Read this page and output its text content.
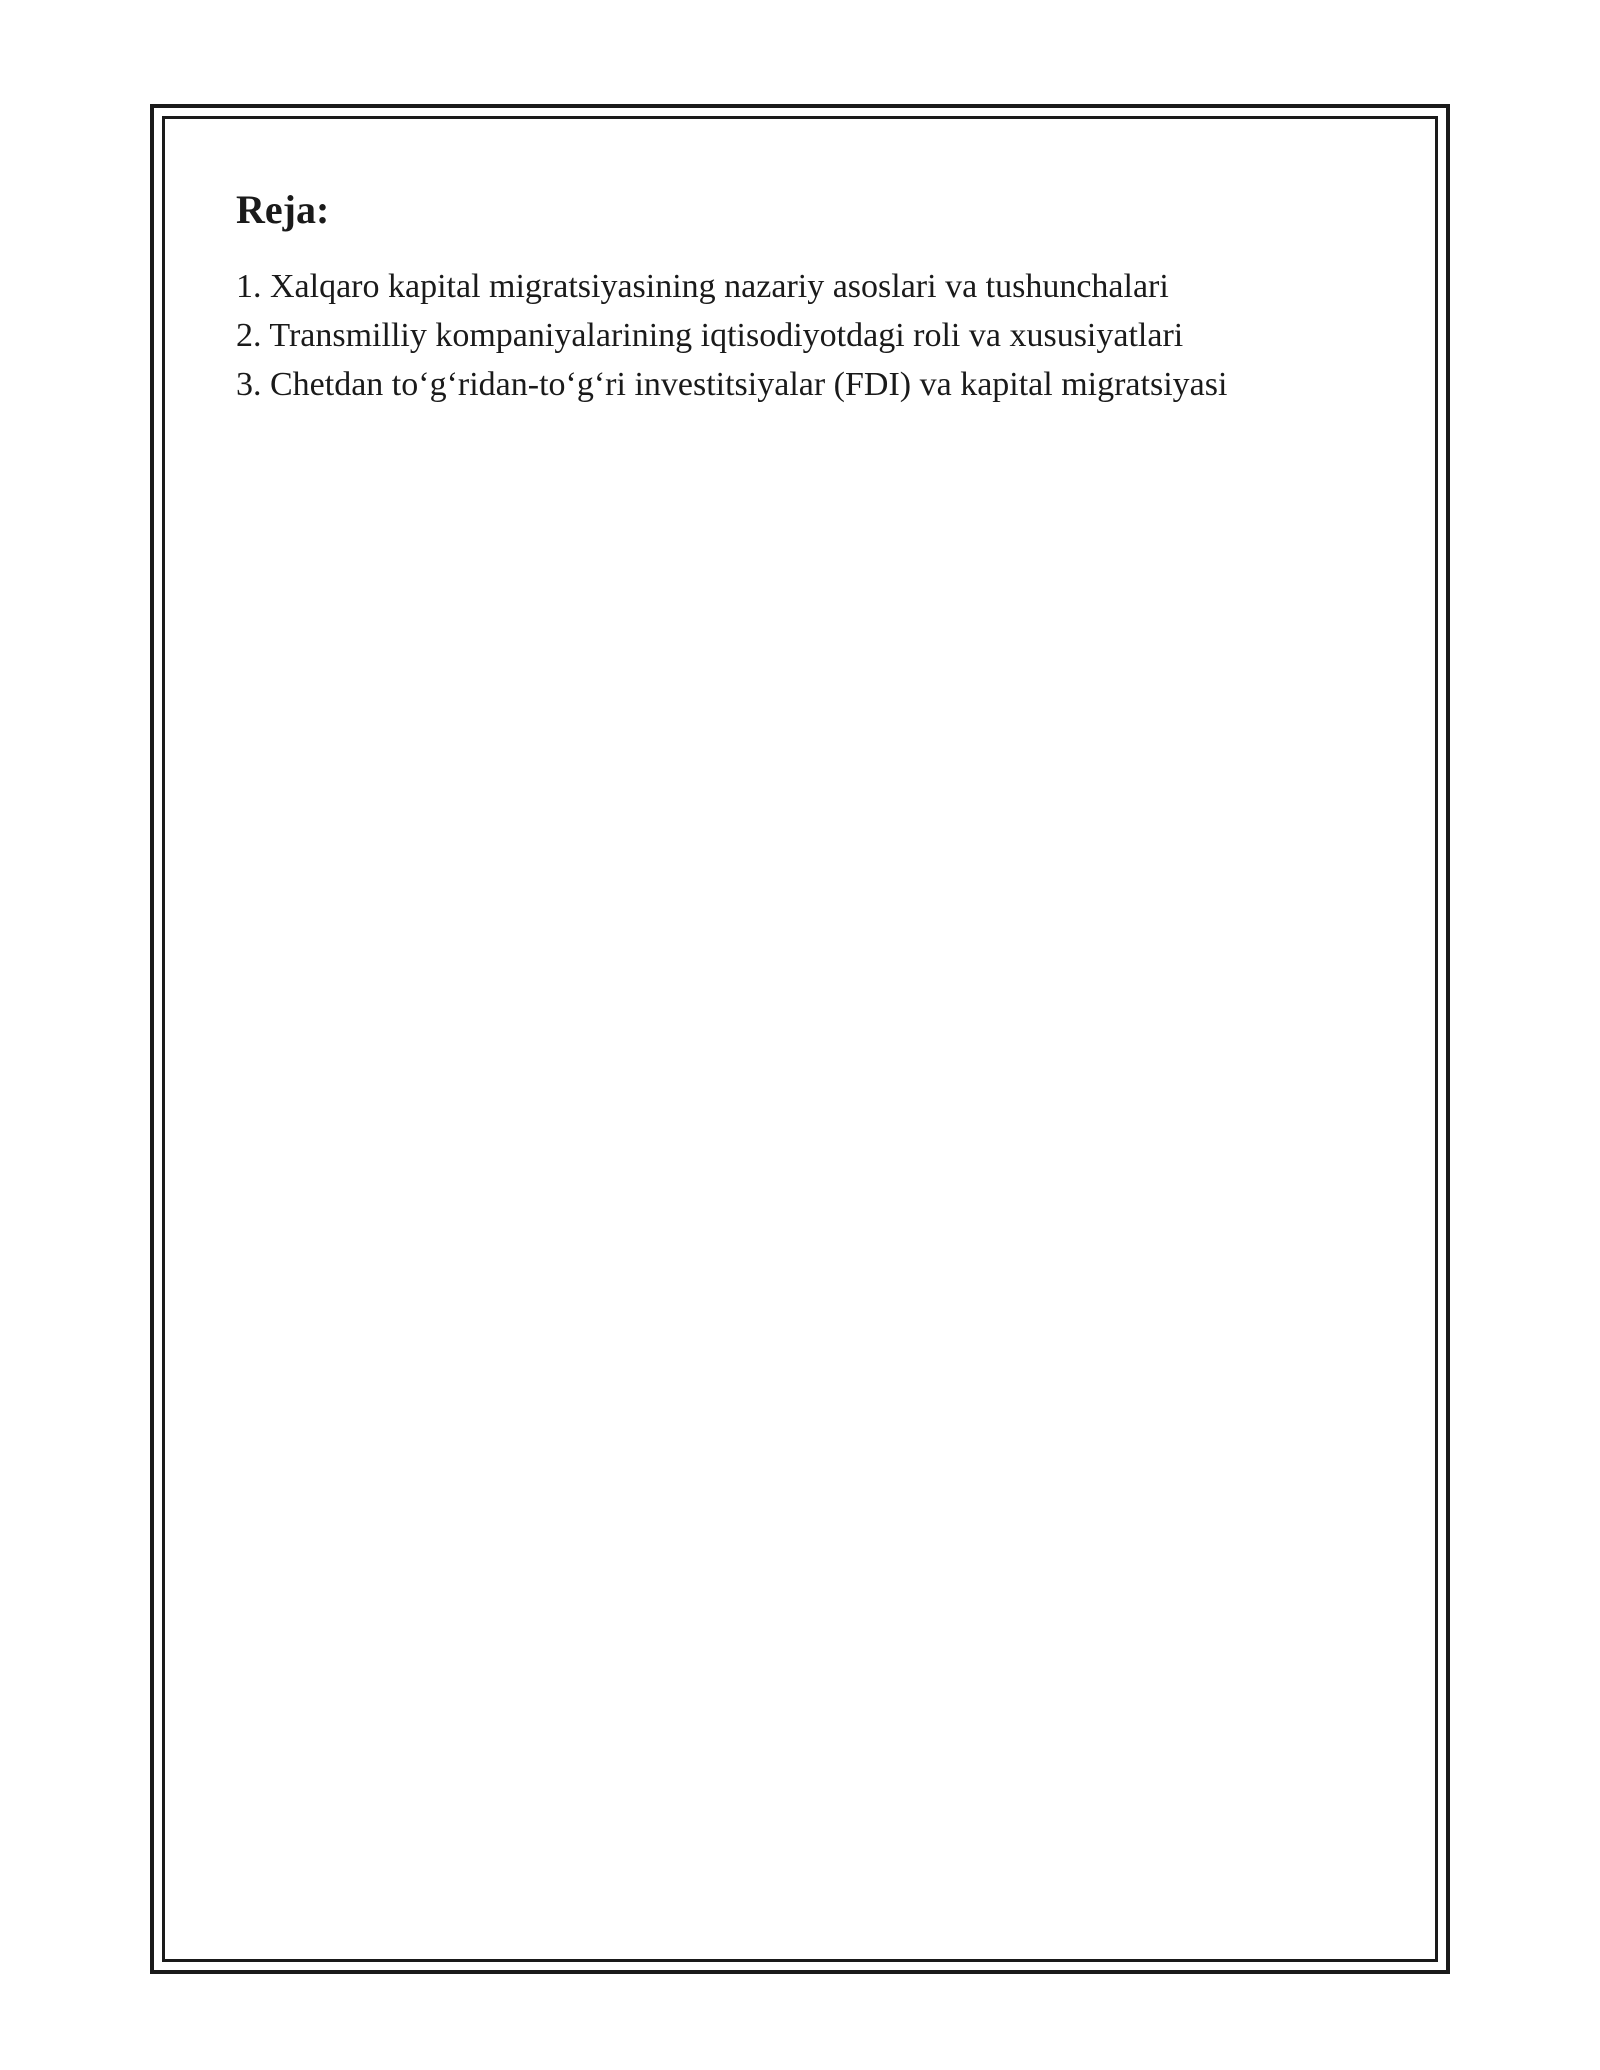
Reja:
1. Xalqaro kapital migratsiyasining nazariy asoslari va tushunchalari
2. Transmilliy kompaniyalarining iqtisodiyotdagi roli va xususiyatlari
3. Chetdan to‘g‘ridan-to‘g‘ri investitsiyalar (FDI) va kapital migratsiyasi
